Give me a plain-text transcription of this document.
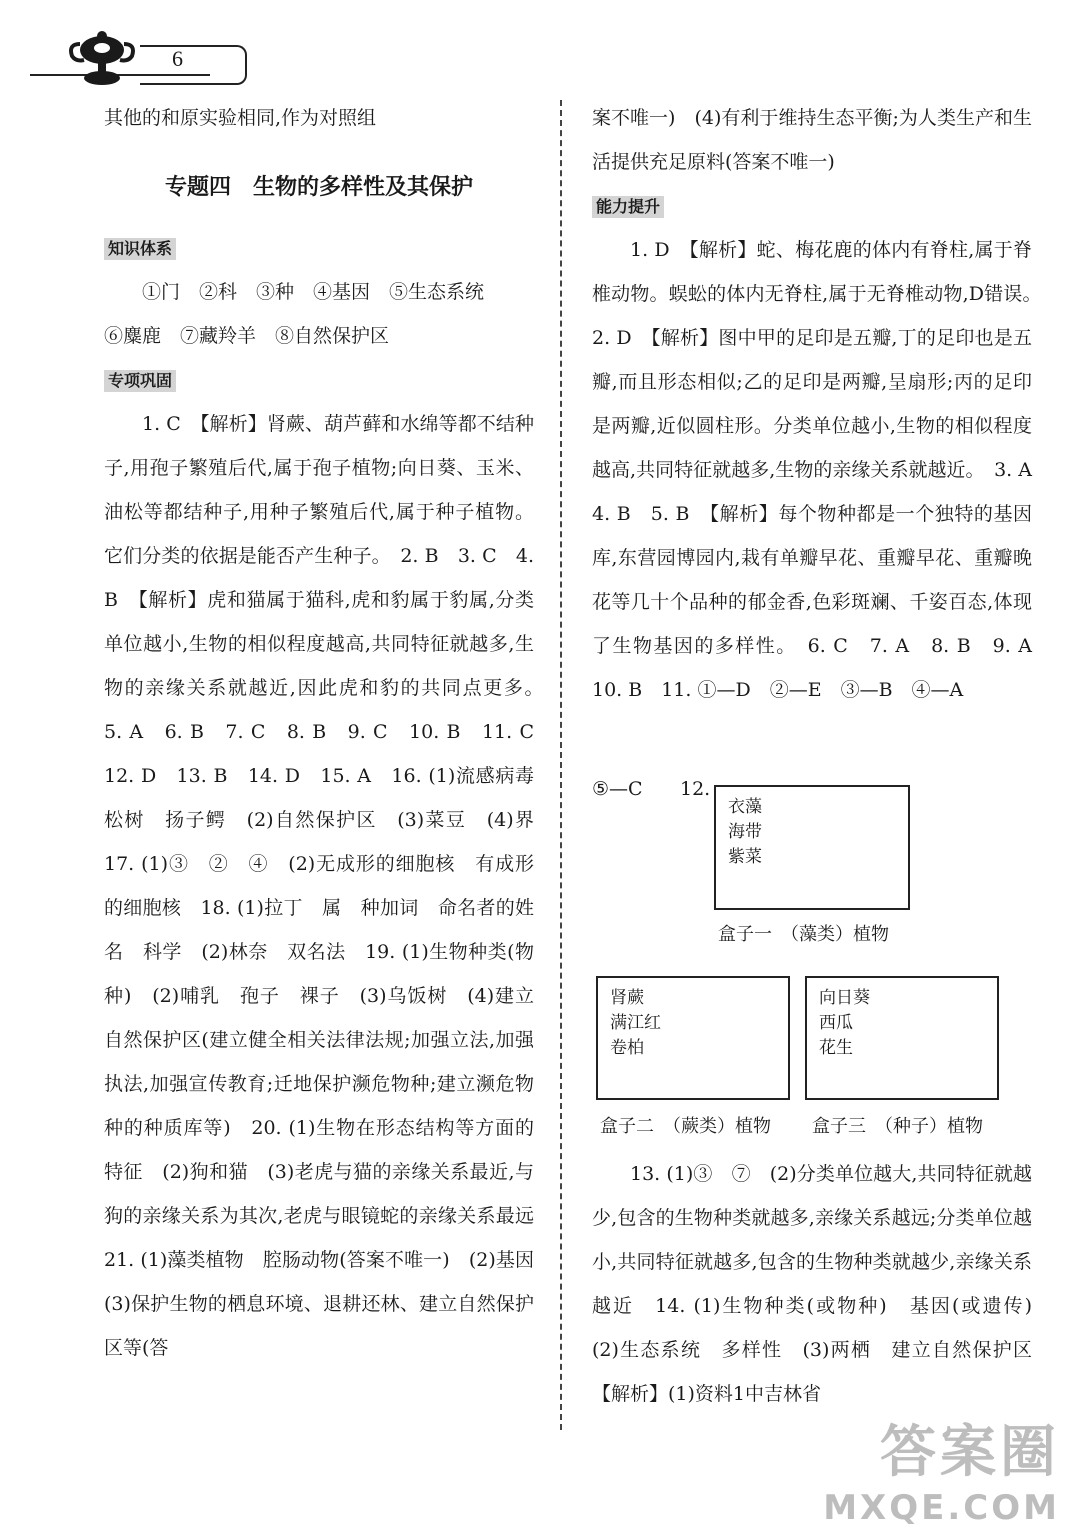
6

其他的和原实验相同,作为对照组

专题四　生物的多样性及其保护
知识体系

①门　②科　③种　④基因　⑤生态系统

⑥麋鹿　⑦藏羚羊　⑧自然保护区

专项巩固

1. C　【解析】肾蕨、葫芦藓和水绵等都不结种子,用孢子繁殖后代,属于孢子植物;向日葵、玉米、油松等都结种子,用种子繁殖后代,属于种子植物。它们分类的依据是能否产生种子。　2. B　3. C　4. B　【解析】虎和猫属于猫科,虎和豹属于豹属,分类单位越小,生物的相似程度越高,共同特征就越多,生物的亲缘关系就越近,因此虎和豹的共同点更多。　5. A　6. B　7. C　8. B　9. C　10. B　11. C　12. D　13. B　14. D　15. A　16. (1)流感病毒　松树　扬子鳄　(2)自然保护区　(3)菜豆　(4)界　17. (1)③　②　④　(2)无成形的细胞核　有成形的细胞核　18. (1)拉丁　属　种加词　命名者的姓名　科学　(2)林奈　双名法　19. (1)生物种类(物种)　(2)哺乳　孢子　裸子　(3)乌饭树　(4)建立自然保护区(建立健全相关法律法规;加强立法,加强执法,加强宣传教育;迁地保护濒危物种;建立濒危物种的种质库等)　20. (1)生物在形态结构等方面的特征　(2)狗和猫　(3)老虎与猫的亲缘关系最近,与狗的亲缘关系为其次,老虎与眼镜蛇的亲缘关系最远　21. (1)藻类植物　腔肠动物(答案不唯一)　(2)基因　(3)保护生物的栖息环境、退耕还林、建立自然保护区等(答

案不唯一)　(4)有利于维持生态平衡;为人类生产和生活提供充足原料(答案不唯一)

能力提升

1. D　【解析】蛇、梅花鹿的体内有脊柱,属于脊椎动物。蜈蚣的体内无脊柱,属于无脊椎动物,D错误。　2. D　【解析】图中甲的足印是五瓣,丁的足印也是五瓣,而且形态相似;乙的足印是两瓣,呈扇形;丙的足印是两瓣,近似圆柱形。分类单位越小,生物的相似程度越高,共同特征就越多,生物的亲缘关系就越近。　3. A　4. B　5. B　【解析】每个物种都是一个独特的基因库,东营园博园内,栽有单瓣早花、重瓣早花、重瓣晚花等几十个品种的郁金香,色彩斑斓、千姿百态,体现了生物基因的多样性。　6. C　7. A　8. B　9. A　10. B　11. ①—D　②—E　③—B　④—A

⑤—C 12.
衣藻
海带
紫菜
盒子一　（藻类）植物
肾蕨
满江红
卷柏
盒子二　（蕨类）植物
向日葵
西瓜
花生
盒子三　（种子）植物

13. (1)③　⑦　(2)分类单位越大,共同特征就越少,包含的生物种类就越多,亲缘关系越远;分类单位越小,共同特征就越多,包含的生物种类就越少,亲缘关系越近　14. (1)生物种类(或物种)　基因(或遗传)　(2)生态系统　多样性　(3)两栖　建立自然保护区　【解析】(1)资料1中吉林省

答案圈
MXQE.COM
